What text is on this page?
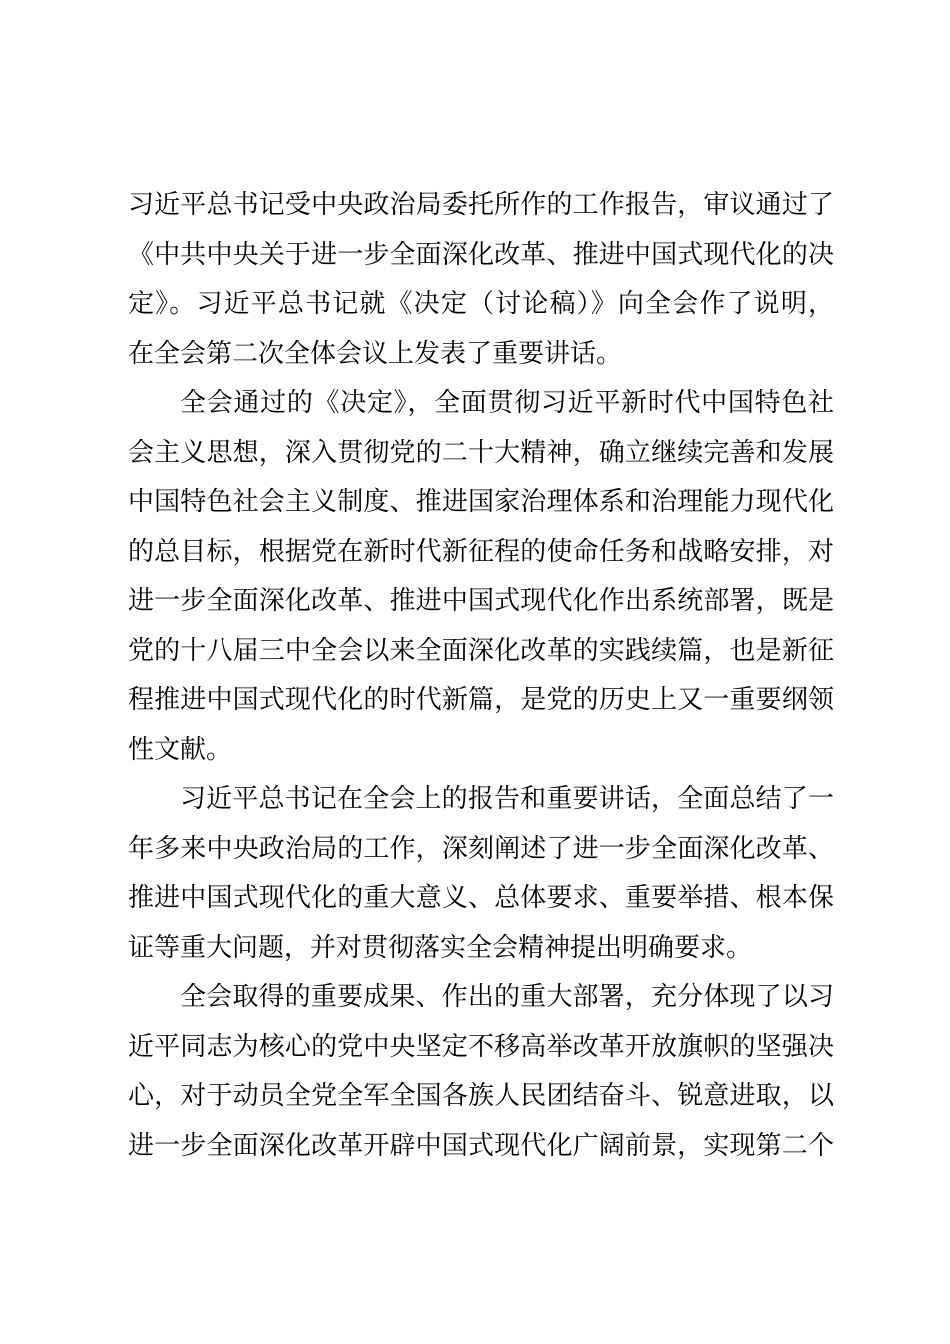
习近平总书记受中央政治局委托所作的工作报告，审议通过了
《中共中央关于进一步全面深化改革、推进中国式现代化的决
定》。习近平总书记就《决定（讨论稿）》向全会作了说明，
在全会第二次全体会议上发表了重要讲话。
全会通过的《决定》，全面贯彻习近平新时代中国特色社
会主义思想，深入贯彻党的二十大精神，确立继续完善和发展
中国特色社会主义制度、推进国家治理体系和治理能力现代化
的总目标，根据党在新时代新征程的使命任务和战略安排，对
进一步全面深化改革、推进中国式现代化作出系统部署，既是
党的十八届三中全会以来全面深化改革的实践续篇，也是新征
程推进中国式现代化的时代新篇，是党的历史上又一重要纲领
性文献。
习近平总书记在全会上的报告和重要讲话，全面总结了一
年多来中央政治局的工作，深刻阐述了进一步全面深化改革、
推进中国式现代化的重大意义、总体要求、重要举措、根本保
证等重大问题，并对贯彻落实全会精神提出明确要求。
全会取得的重要成果、作出的重大部署，充分体现了以习
近平同志为核心的党中央坚定不移高举改革开放旗帜的坚强决
心，对于动员全党全军全国各族人民团结奋斗、锐意进取，以
进一步全面深化改革开辟中国式现代化广阔前景，实现第二个
